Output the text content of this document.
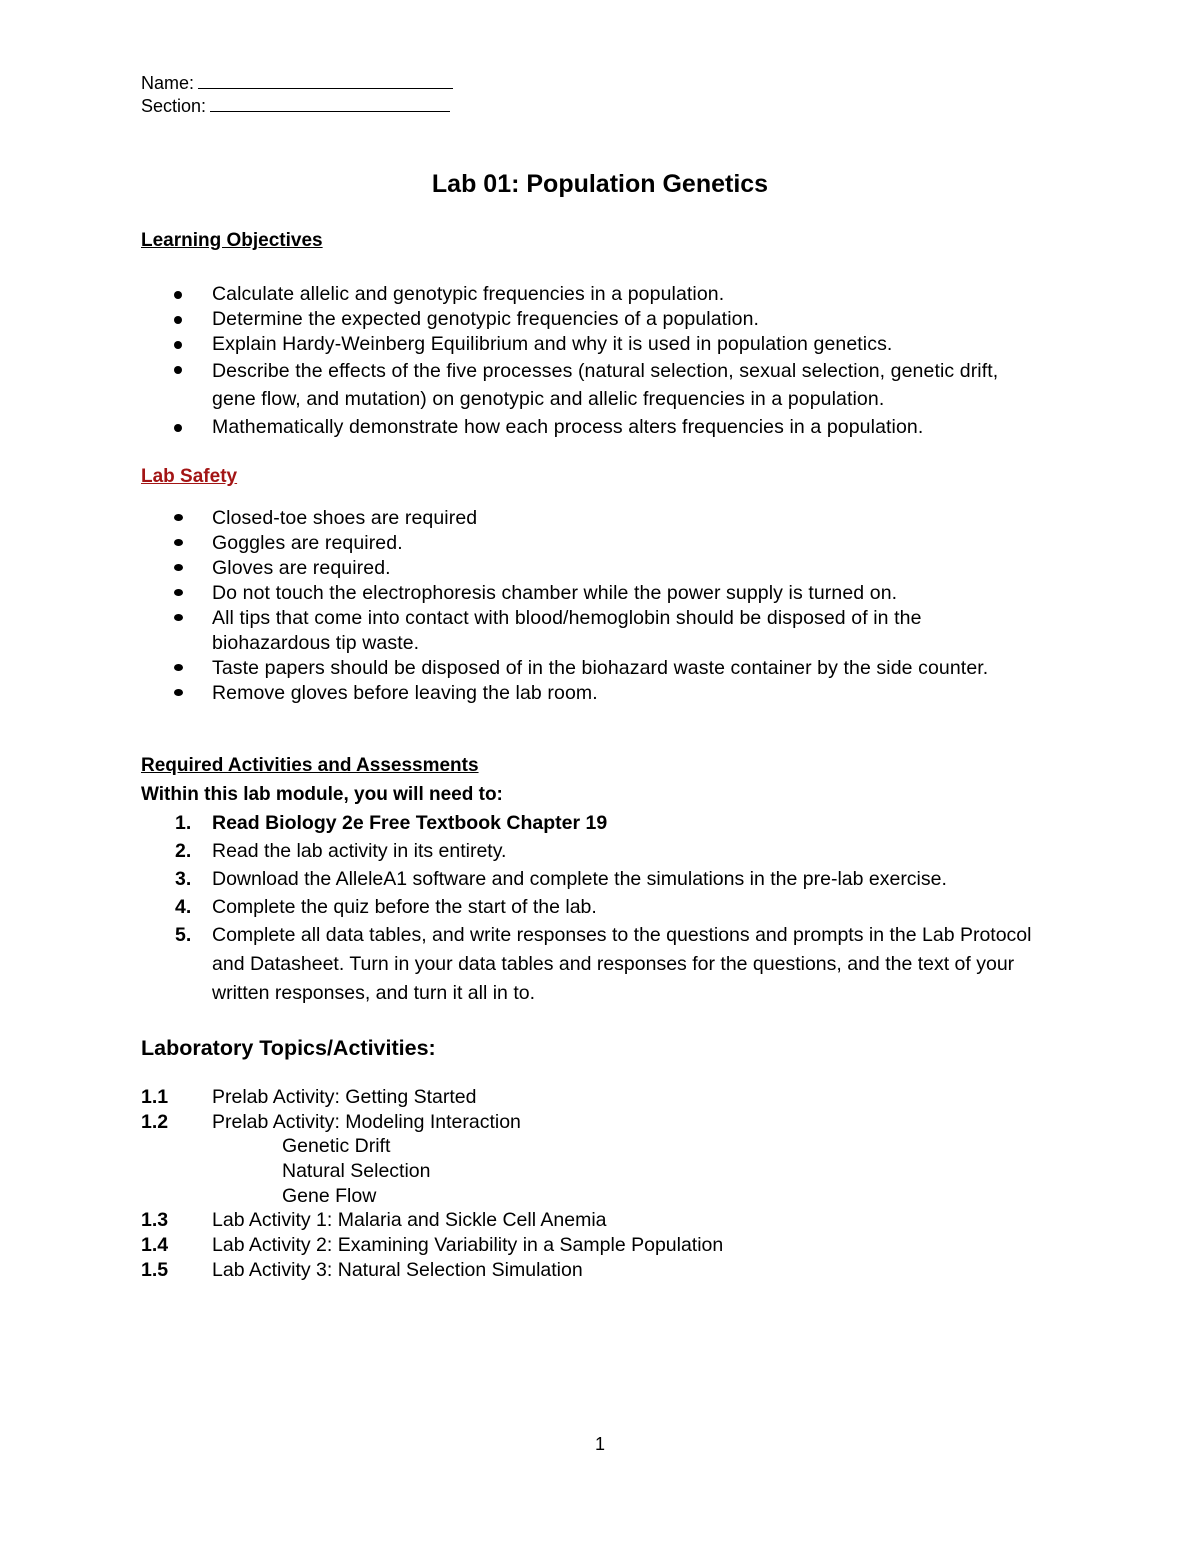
Name:
Section:
Lab 01: Population Genetics
Learning Objectives
Calculate allelic and genotypic frequencies in a population.
Determine the expected genotypic frequencies of a population.
Explain Hardy-Weinberg Equilibrium and why it is used in population genetics.
Describe the effects of the five processes (natural selection, sexual selection, genetic drift, gene flow, and mutation) on genotypic and allelic frequencies in a population.
Mathematically demonstrate how each process alters frequencies in a population.
Lab Safety
Closed-toe shoes are required
Goggles are required.
Gloves are required.
Do not touch the electrophoresis chamber while the power supply is turned on.
All tips that come into contact with blood/hemoglobin should be disposed of in the biohazardous tip waste.
Taste papers should be disposed of in the biohazard waste container by the side counter.
Remove gloves before leaving the lab room.
Required Activities and Assessments
Within this lab module, you will need to:
1. Read Biology 2e Free Textbook Chapter 19
2. Read the lab activity in its entirety.
3. Download the AlleleA1 software and complete the simulations in the pre-lab exercise.
4. Complete the quiz before the start of the lab.
5. Complete all data tables, and write responses to the questions and prompts in the Lab Protocol and Datasheet. Turn in your data tables and responses for the questions, and the text of your written responses, and turn it all in to.
Laboratory Topics/Activities:
1.1 Prelab Activity: Getting Started
1.2 Prelab Activity: Modeling Interaction
Genetic Drift
Natural Selection
Gene Flow
1.3 Lab Activity 1: Malaria and Sickle Cell Anemia
1.4 Lab Activity 2: Examining Variability in a Sample Population
1.5 Lab Activity 3: Natural Selection Simulation
1
